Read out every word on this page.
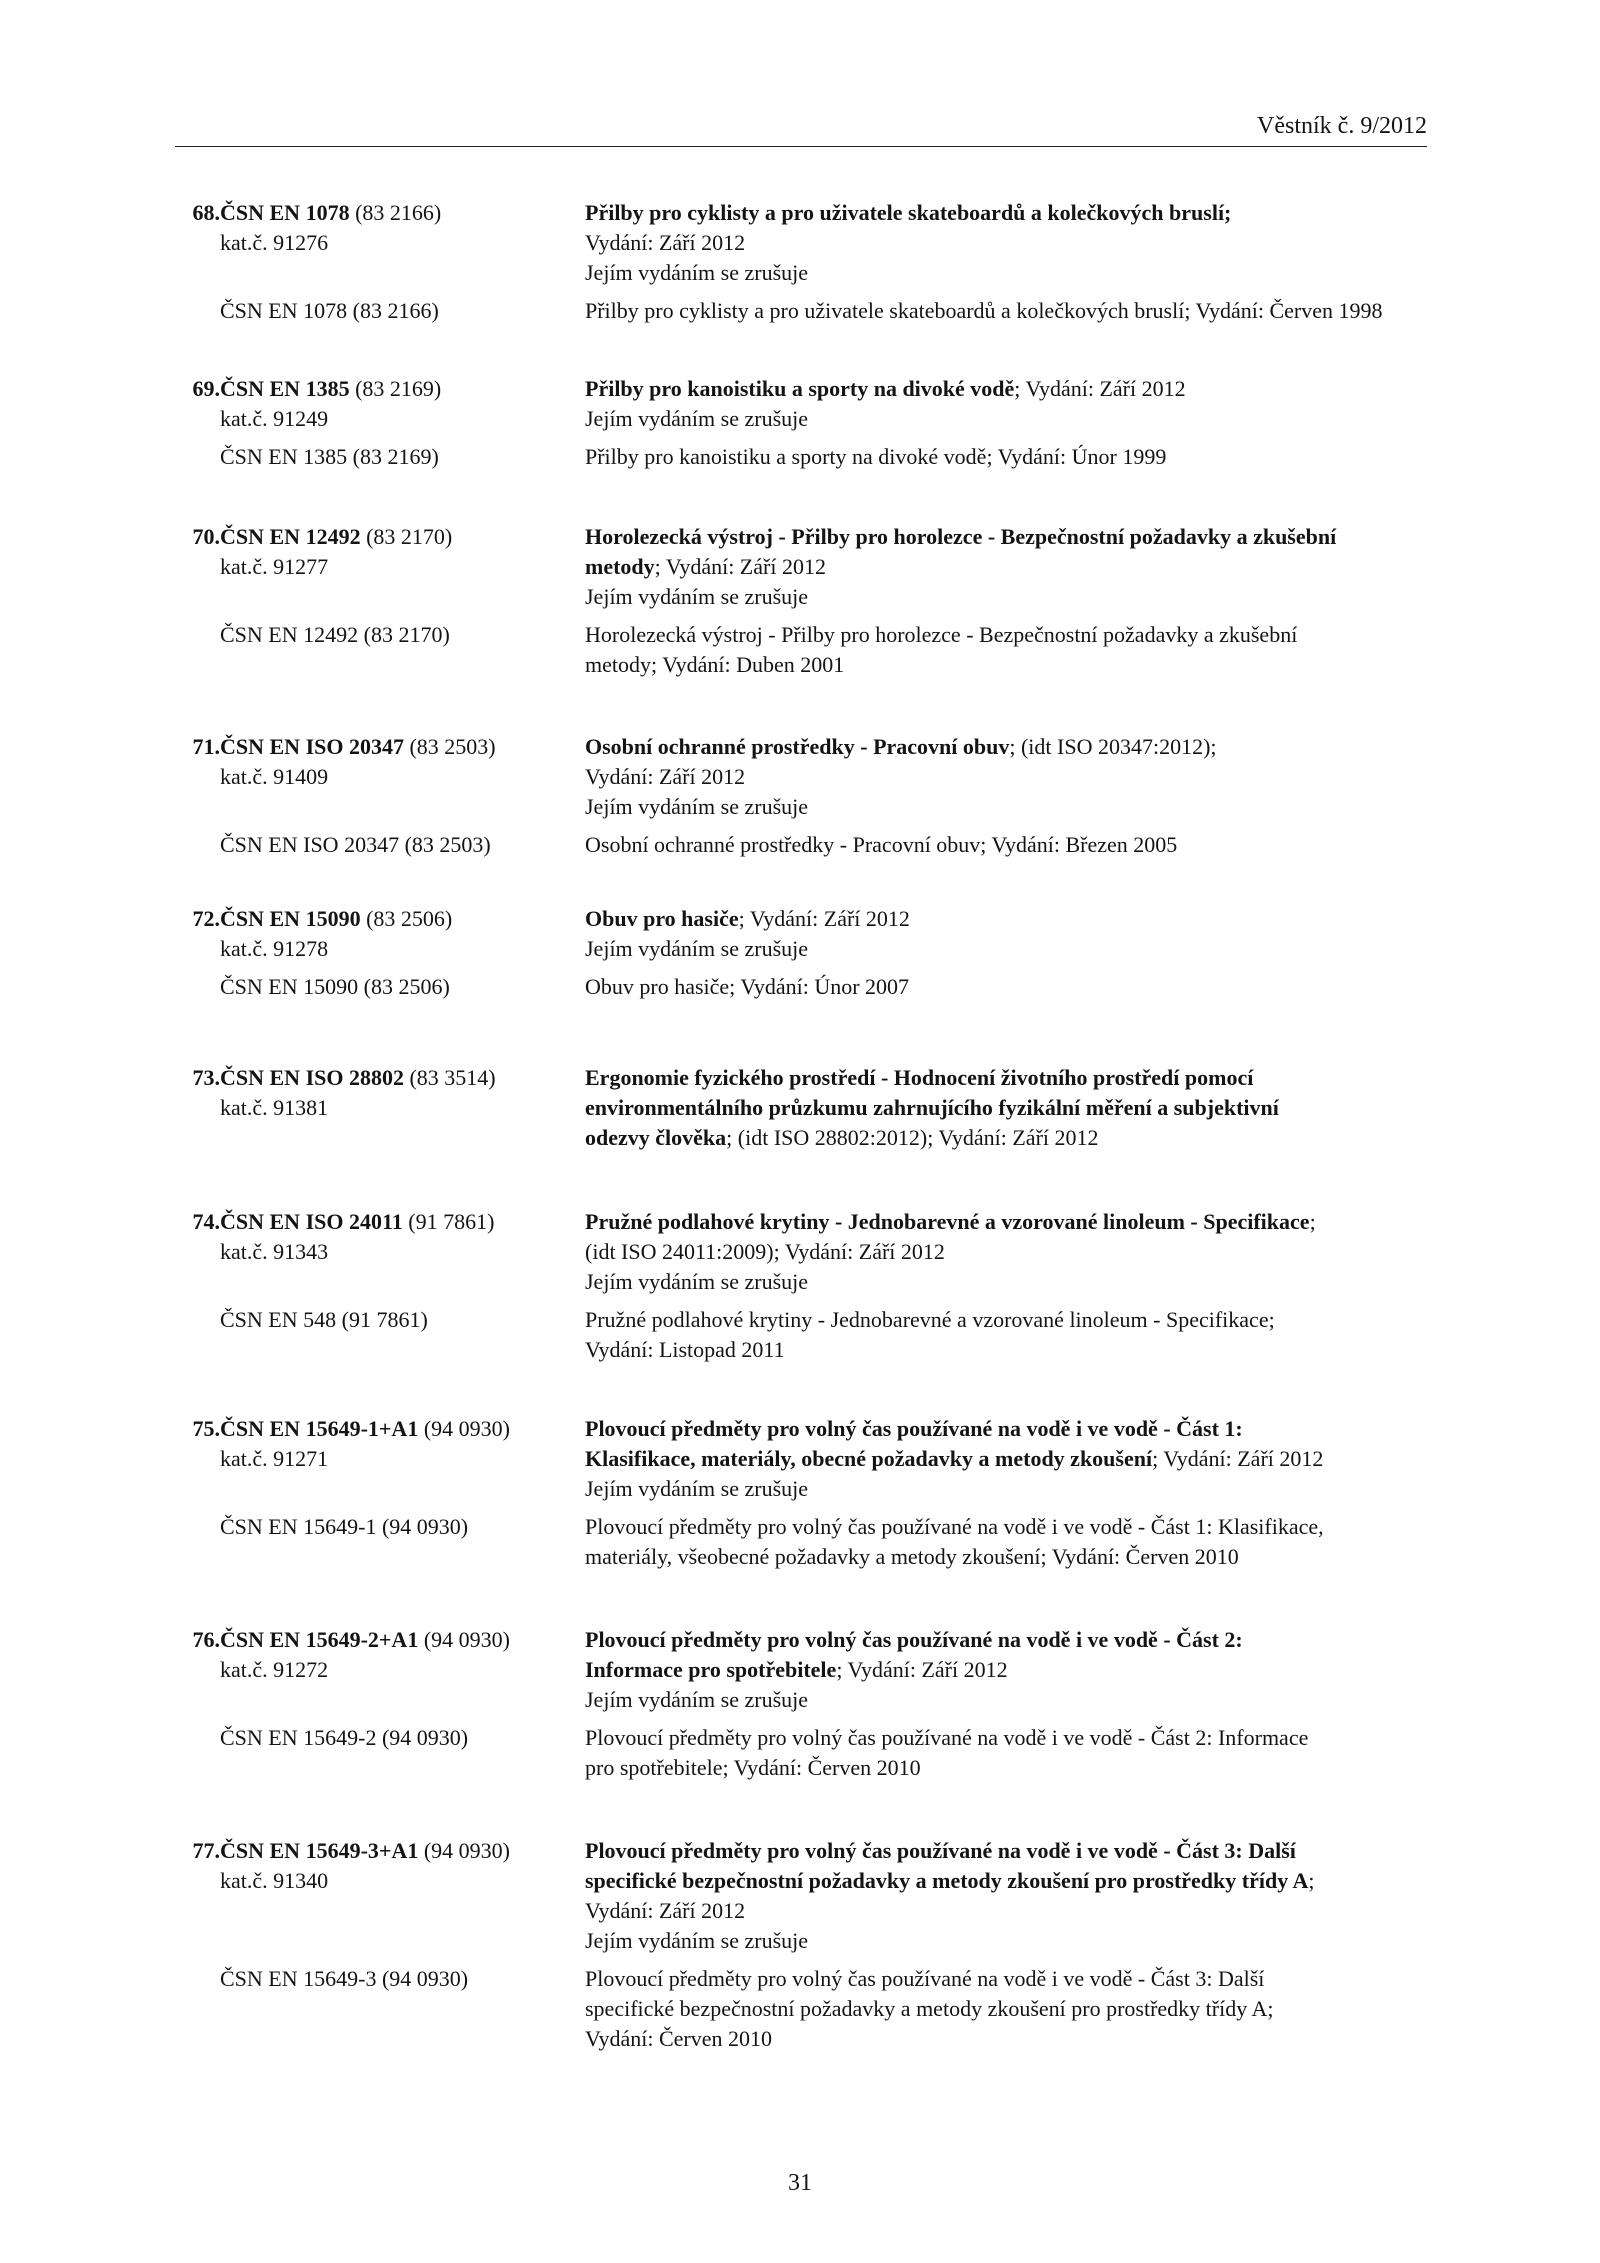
Věstník č. 9/2012
68. ČSN EN 1078 (83 2166)	Přilby pro cyklisty a pro uživatele skateboardů a kolečkových bruslí;
kat.č. 91276	Vydání: Září 2012
Jejím vydáním se zrušuje
ČSN EN 1078 (83 2166)	Přilby pro cyklisty a pro uživatele skateboardů a kolečkových bruslí; Vydání: Červen 1998
69. ČSN EN 1385 (83 2169)	Přilby pro kanoistiku a sporty na divoké vodě; Vydání: Září 2012
kat.č. 91249	Jejím vydáním se zrušuje
ČSN EN 1385 (83 2169)	Přilby pro kanoistiku a sporty na divoké vodě; Vydání: Únor 1999
70. ČSN EN 12492 (83 2170)	Horolezecká výstroj - Přilby pro horolezce - Bezpečnostní požadavky a zkušební
kat.č. 91277	metody; Vydání: Září 2012
Jejím vydáním se zrušuje
ČSN EN 12492 (83 2170)	Horolezecká výstroj - Přilby pro horolezce - Bezpečnostní požadavky a zkušební
metody; Vydání: Duben 2001
71. ČSN EN ISO 20347 (83 2503)	Osobní ochranné prostředky - Pracovní obuv; (idt ISO 20347:2012);
kat.č. 91409	Vydání: Září 2012
Jejím vydáním se zrušuje
ČSN EN ISO 20347 (83 2503)	Osobní ochranné prostředky - Pracovní obuv; Vydání: Březen 2005
72. ČSN EN 15090 (83 2506)	Obuv pro hasiče; Vydání: Září 2012
kat.č. 91278	Jejím vydáním se zrušuje
ČSN EN 15090 (83 2506)	Obuv pro hasiče; Vydání: Únor 2007
73. ČSN EN ISO 28802 (83 3514)	Ergonomie fyzického prostředí - Hodnocení životního prostředí pomocí
kat.č. 91381	environmentálního průzkumu zahrnujícího fyzikální měření a subjektivní
odezvy člověka; (idt ISO 28802:2012); Vydání: Září 2012
74. ČSN EN ISO 24011 (91 7861)	Pružné podlahové krytiny - Jednobarevné a vzorované linoleum - Specifikace;
kat.č. 91343	(idt ISO 24011:2009); Vydání: Září 2012
Jejím vydáním se zrušuje
ČSN EN 548 (91 7861)	Pružné podlahové krytiny - Jednobarevné a vzorované linoleum - Specifikace;
Vydání: Listopad 2011
75. ČSN EN 15649-1+A1 (94 0930)	Plovoucí předměty pro volný čas používané na vodě i ve vodě - Část 1:
kat.č. 91271	Klasifikace, materiály, obecné požadavky a metody zkoušení; Vydání: Září 2012
Jejím vydáním se zrušuje
ČSN EN 15649-1 (94 0930)	Plovoucí předměty pro volný čas používané na vodě i ve vodě - Část 1: Klasifikace,
materiály, všeobecné požadavky a metody zkoušení; Vydání: Červen 2010
76. ČSN EN 15649-2+A1 (94 0930)	Plovoucí předměty pro volný čas používané na vodě i ve vodě - Část 2:
kat.č. 91272	Informace pro spotřebitele; Vydání: Září 2012
Jejím vydáním se zrušuje
ČSN EN 15649-2 (94 0930)	Plovoucí předměty pro volný čas používané na vodě i ve vodě - Část 2: Informace
pro spotřebitele; Vydání: Červen 2010
77. ČSN EN 15649-3+A1 (94 0930)	Plovoucí předměty pro volný čas používané na vodě i ve vodě - Část 3: Další
kat.č. 91340	specifické bezpečnostní požadavky a metody zkoušení pro prostředky třídy A;
Vydání: Září 2012
Jejím vydáním se zrušuje
ČSN EN 15649-3 (94 0930)	Plovoucí předměty pro volný čas používané na vodě i ve vodě - Část 3: Další
specifické bezpečnostní požadavky a metody zkoušení pro prostředky třídy A;
Vydání: Červen 2010
31
